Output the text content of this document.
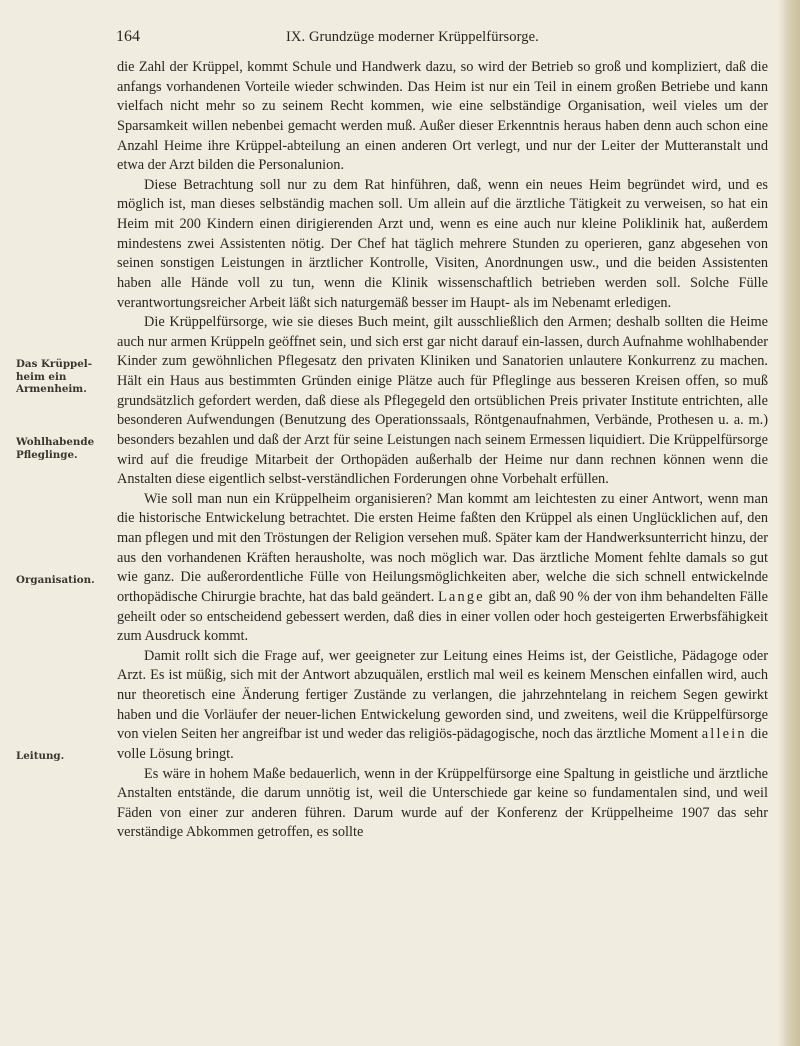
164	IX. Grundzüge moderner Krüppelfürsorge.
Das Krüppel-heim ein Armenheim.
Wohlhabende Pfleglinge.
Organisation.
Leitung.

die Zahl der Krüppel, kommt Schule und Handwerk dazu, so wird der Betrieb so groß und kompliziert, daß die anfangs vorhandenen Vorteile wieder schwinden. Das Heim ist nur ein Teil in einem großen Betriebe und kann vielfach nicht mehr so zu seinem Recht kommen, wie eine selbständige Organisation, weil vieles um der Sparsamkeit willen nebenbei gemacht werden muß. Außer dieser Erkenntnis heraus haben denn auch schon eine Anzahl Heime ihre Krüppel-abteilung an einen anderen Ort verlegt, und nur der Leiter der Mutteranstalt und etwa der Arzt bilden die Personalunion.

Diese Betrachtung soll nur zu dem Rat hinführen, daß, wenn ein neues Heim begründet wird, und es möglich ist, man dieses selbständig machen soll. Um allein auf die ärztliche Tätigkeit zu verweisen, so hat ein Heim mit 200 Kindern einen dirigierenden Arzt und, wenn es eine auch nur kleine Poliklinik hat, außerdem mindestens zwei Assistenten nötig. Der Chef hat täglich mehrere Stunden zu operieren, ganz abgesehen von seinen sonstigen Leistungen in ärztlicher Kontrolle, Visiten, Anordnungen usw., und die beiden Assistenten haben alle Hände voll zu tun, wenn die Klinik wissenschaftlich betrieben werden soll. Solche Fülle verantwortungsreicher Arbeit läßt sich naturgemäß besser im Haupt- als im Nebenamt erledigen.

Die Krüppelfürsorge, wie sie dieses Buch meint, gilt ausschließlich den Armen; deshalb sollten die Heime auch nur armen Krüppeln geöffnet sein, und sich erst gar nicht darauf ein-lassen, durch Aufnahme wohlhabender Kinder zum gewöhnlichen Pflegesatz den privaten Kliniken und Sanatorien unlautere Konkurrenz zu machen. Hält ein Haus aus bestimmten Gründen einige Plätze auch für Pfleglinge aus besseren Kreisen offen, so muß grundsätzlich gefordert werden, daß diese als Pflegegeld den ortsüblichen Preis privater Institute entrichten, alle besonderen Aufwendungen (Benutzung des Operationssaals, Röntgenaufnahmen, Verbände, Prothesen u. a. m.) besonders bezahlen und daß der Arzt für seine Leistungen nach seinem Ermessen liquidiert. Die Krüppelfürsorge wird auf die freudige Mitarbeit der Orthopäden außerhalb der Heime nur dann rechnen können wenn die Anstalten diese eigentlich selbst-verständlichen Forderungen ohne Vorbehalt erfüllen.

Wie soll man nun ein Krüppelheim organisieren? Man kommt am leichtesten zu einer Antwort, wenn man die historische Entwickelung betrachtet. Die ersten Heime faßten den Krüppel als einen Unglücklichen auf, den man pflegen und mit den Tröstungen der Religion versehen muß. Später kam der Handwerksunterricht hinzu, der aus den vorhandenen Kräften herausholte, was noch möglich war. Das ärztliche Moment fehlte damals so gut wie ganz. Die außerordentliche Fülle von Heilungsmöglichkeiten aber, welche die sich schnell entwickelnde orthopädische Chirurgie brachte, hat das bald geändert. Lange gibt an, daß 90 % der von ihm behandelten Fälle geheilt oder so entscheidend gebessert werden, daß dies in einer vollen oder hoch gesteigerten Erwerbsfähigkeit zum Ausdruck kommt.

Damit rollt sich die Frage auf, wer geeigneter zur Leitung eines Heims ist, der Geistliche, Pädagoge oder Arzt. Es ist müßig, sich mit der Antwort abzuquälen, erstlich mal weil es keinem Menschen einfallen wird, auch nur theoretisch eine Änderung fertiger Zustände zu verlangen, die jahrzehntelang in reichem Segen gewirkt haben und die Vorläufer der neuer-lichen Entwickelung geworden sind, und zweitens, weil die Krüppelfürsorge von vielen Seiten her angreifbar ist und weder das religiös-pädagogische, noch das ärztliche Moment allein die volle Lösung bringt.

Es wäre in hohem Maße bedauerlich, wenn in der Krüppelfürsorge eine Spaltung in geistliche und ärztliche Anstalten entstände, die darum unnötig ist, weil die Unterschiede gar keine so fundamentalen sind, und weil Fäden von einer zur anderen führen. Darum wurde auf der Konferenz der Krüppelheime 1907 das sehr verständige Abkommen getroffen, es sollte
